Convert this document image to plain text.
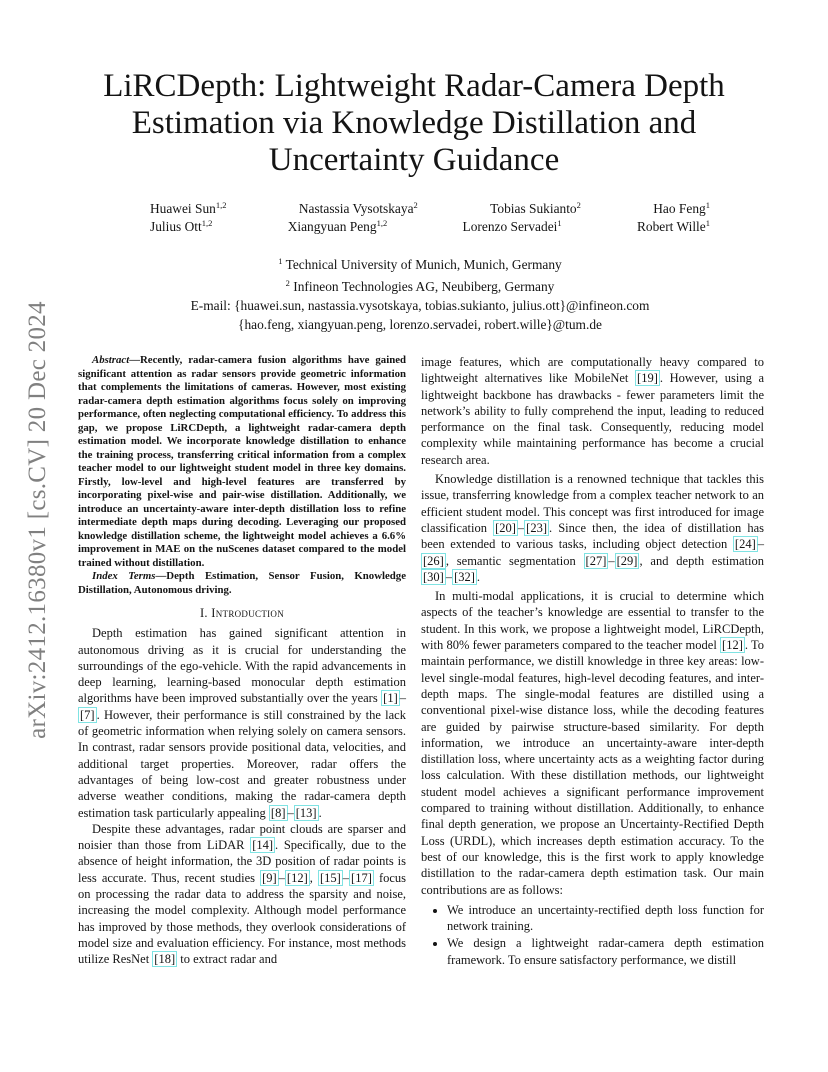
arXiv:2412.16380v1 [cs.CV] 20 Dec 2024
LiRCDepth: Lightweight Radar-Camera Depth Estimation via Knowledge Distillation and Uncertainty Guidance
Huawei Sun$^{1,2}$	Nastassia Vysotskaya$^2$	Tobias Sukianto$^2$	Hao Feng$^1$
Julius Ott$^{1,2}$	Xiangyuan Peng$^{1,2}$	Lorenzo Servadei$^1$	Robert Wille$^1$
$^1$ Technical University of Munich, Munich, Germany
$^2$ Infineon Technologies AG, Neubiberg, Germany
E-mail: {huawei.sun, nastassia.vysotskaya, tobias.sukianto, julius.ott}@infineon.com
{hao.feng, xiangyuan.peng, lorenzo.servadei, robert.wille}@tum.de

Abstract—Recently, radar-camera fusion algorithms have gained significant attention as radar sensors provide geometric information that complements the limitations of cameras. However, most existing radar-camera depth estimation algorithms focus solely on improving performance, often neglecting computational efficiency. To address this gap, we propose LiRCDepth, a lightweight radar-camera depth estimation model. We incorporate knowledge distillation to enhance the training process, transferring critical information from a complex teacher model to our lightweight student model in three key domains. Firstly, low-level and high-level features are transferred by incorporating pixel-wise and pair-wise distillation. Additionally, we introduce an uncertainty-aware inter-depth distillation loss to refine intermediate depth maps during decoding. Leveraging our proposed knowledge distillation scheme, the lightweight model achieves a 6.6% improvement in MAE on the nuScenes dataset compared to the model trained without distillation.

Index Terms—Depth Estimation, Sensor Fusion, Knowledge Distillation, Autonomous driving.

I. Introduction

Depth estimation has gained significant attention in autonomous driving as it is crucial for understanding the surroundings of the ego-vehicle. With the rapid advancements in deep learning, learning-based monocular depth estimation algorithms have been improved substantially over the years [1] –[7] . However, their performance is still constrained by the lack of geometric information when relying solely on camera sensors. In contrast, radar sensors provide positional data, velocities, and additional target properties. Moreover, radar offers the advantages of being low-cost and greater robustness under adverse weather conditions, making the radar-camera depth estimation task particularly appealing [8] – [13] .

Despite these advantages, radar point clouds are sparser and noisier than those from LiDAR [14] . Specifically, due to the absence of height information, the 3D position of radar points is less accurate. Thus, recent studies [9] – [12] , [15] – [17] focus on processing the radar data to address the sparsity and noise, increasing the model complexity. Although model performance has improved by those methods, they overlook considerations of model size and evaluation efficiency. For instance, most methods utilize ResNet [18] to extract radar and

image features, which are computationally heavy compared to lightweight alternatives like MobileNet [19] . However, using a lightweight backbone has drawbacks - fewer parameters limit the network’s ability to fully comprehend the input, leading to reduced performance on the final task. Consequently, reducing model complexity while maintaining performance has become a crucial research area.

Knowledge distillation is a renowned technique that tackles this issue, transferring knowledge from a complex teacher network to an efficient student model. This concept was first introduced for image classification [20] – [23] . Since then, the idea of distillation has been extended to various tasks, including object detection [24] –[26] , semantic segmentation [27] – [29] , and depth estimation [30] – [32] .

In multi-modal applications, it is crucial to determine which aspects of the teacher’s knowledge are essential to transfer to the student. In this work, we propose a lightweight model, LiRCDepth, with 80% fewer parameters compared to the teacher model [12] . To maintain performance, we distill knowledge in three key areas: low-level single-modal features, high-level decoding features, and inter-depth maps. The single-modal features are distilled using a conventional pixel-wise distance loss, while the decoding features are guided by pairwise structure-based similarity. For depth information, we introduce an uncertainty-aware inter-depth distillation loss, where uncertainty acts as a weighting factor during loss calculation. With these distillation methods, our lightweight student model achieves a significant performance improvement compared to training without distillation. Additionally, to enhance final depth generation, we propose an Uncertainty-Rectified Depth Loss (URDL), which increases depth estimation accuracy. To the best of our knowledge, this is the first work to apply knowledge distillation to the radar-camera depth estimation task. Our main contributions are as follows:

• We introduce an uncertainty-rectified depth loss function for network training.
• We design a lightweight radar-camera depth estimation framework. To ensure satisfactory performance, we distill
